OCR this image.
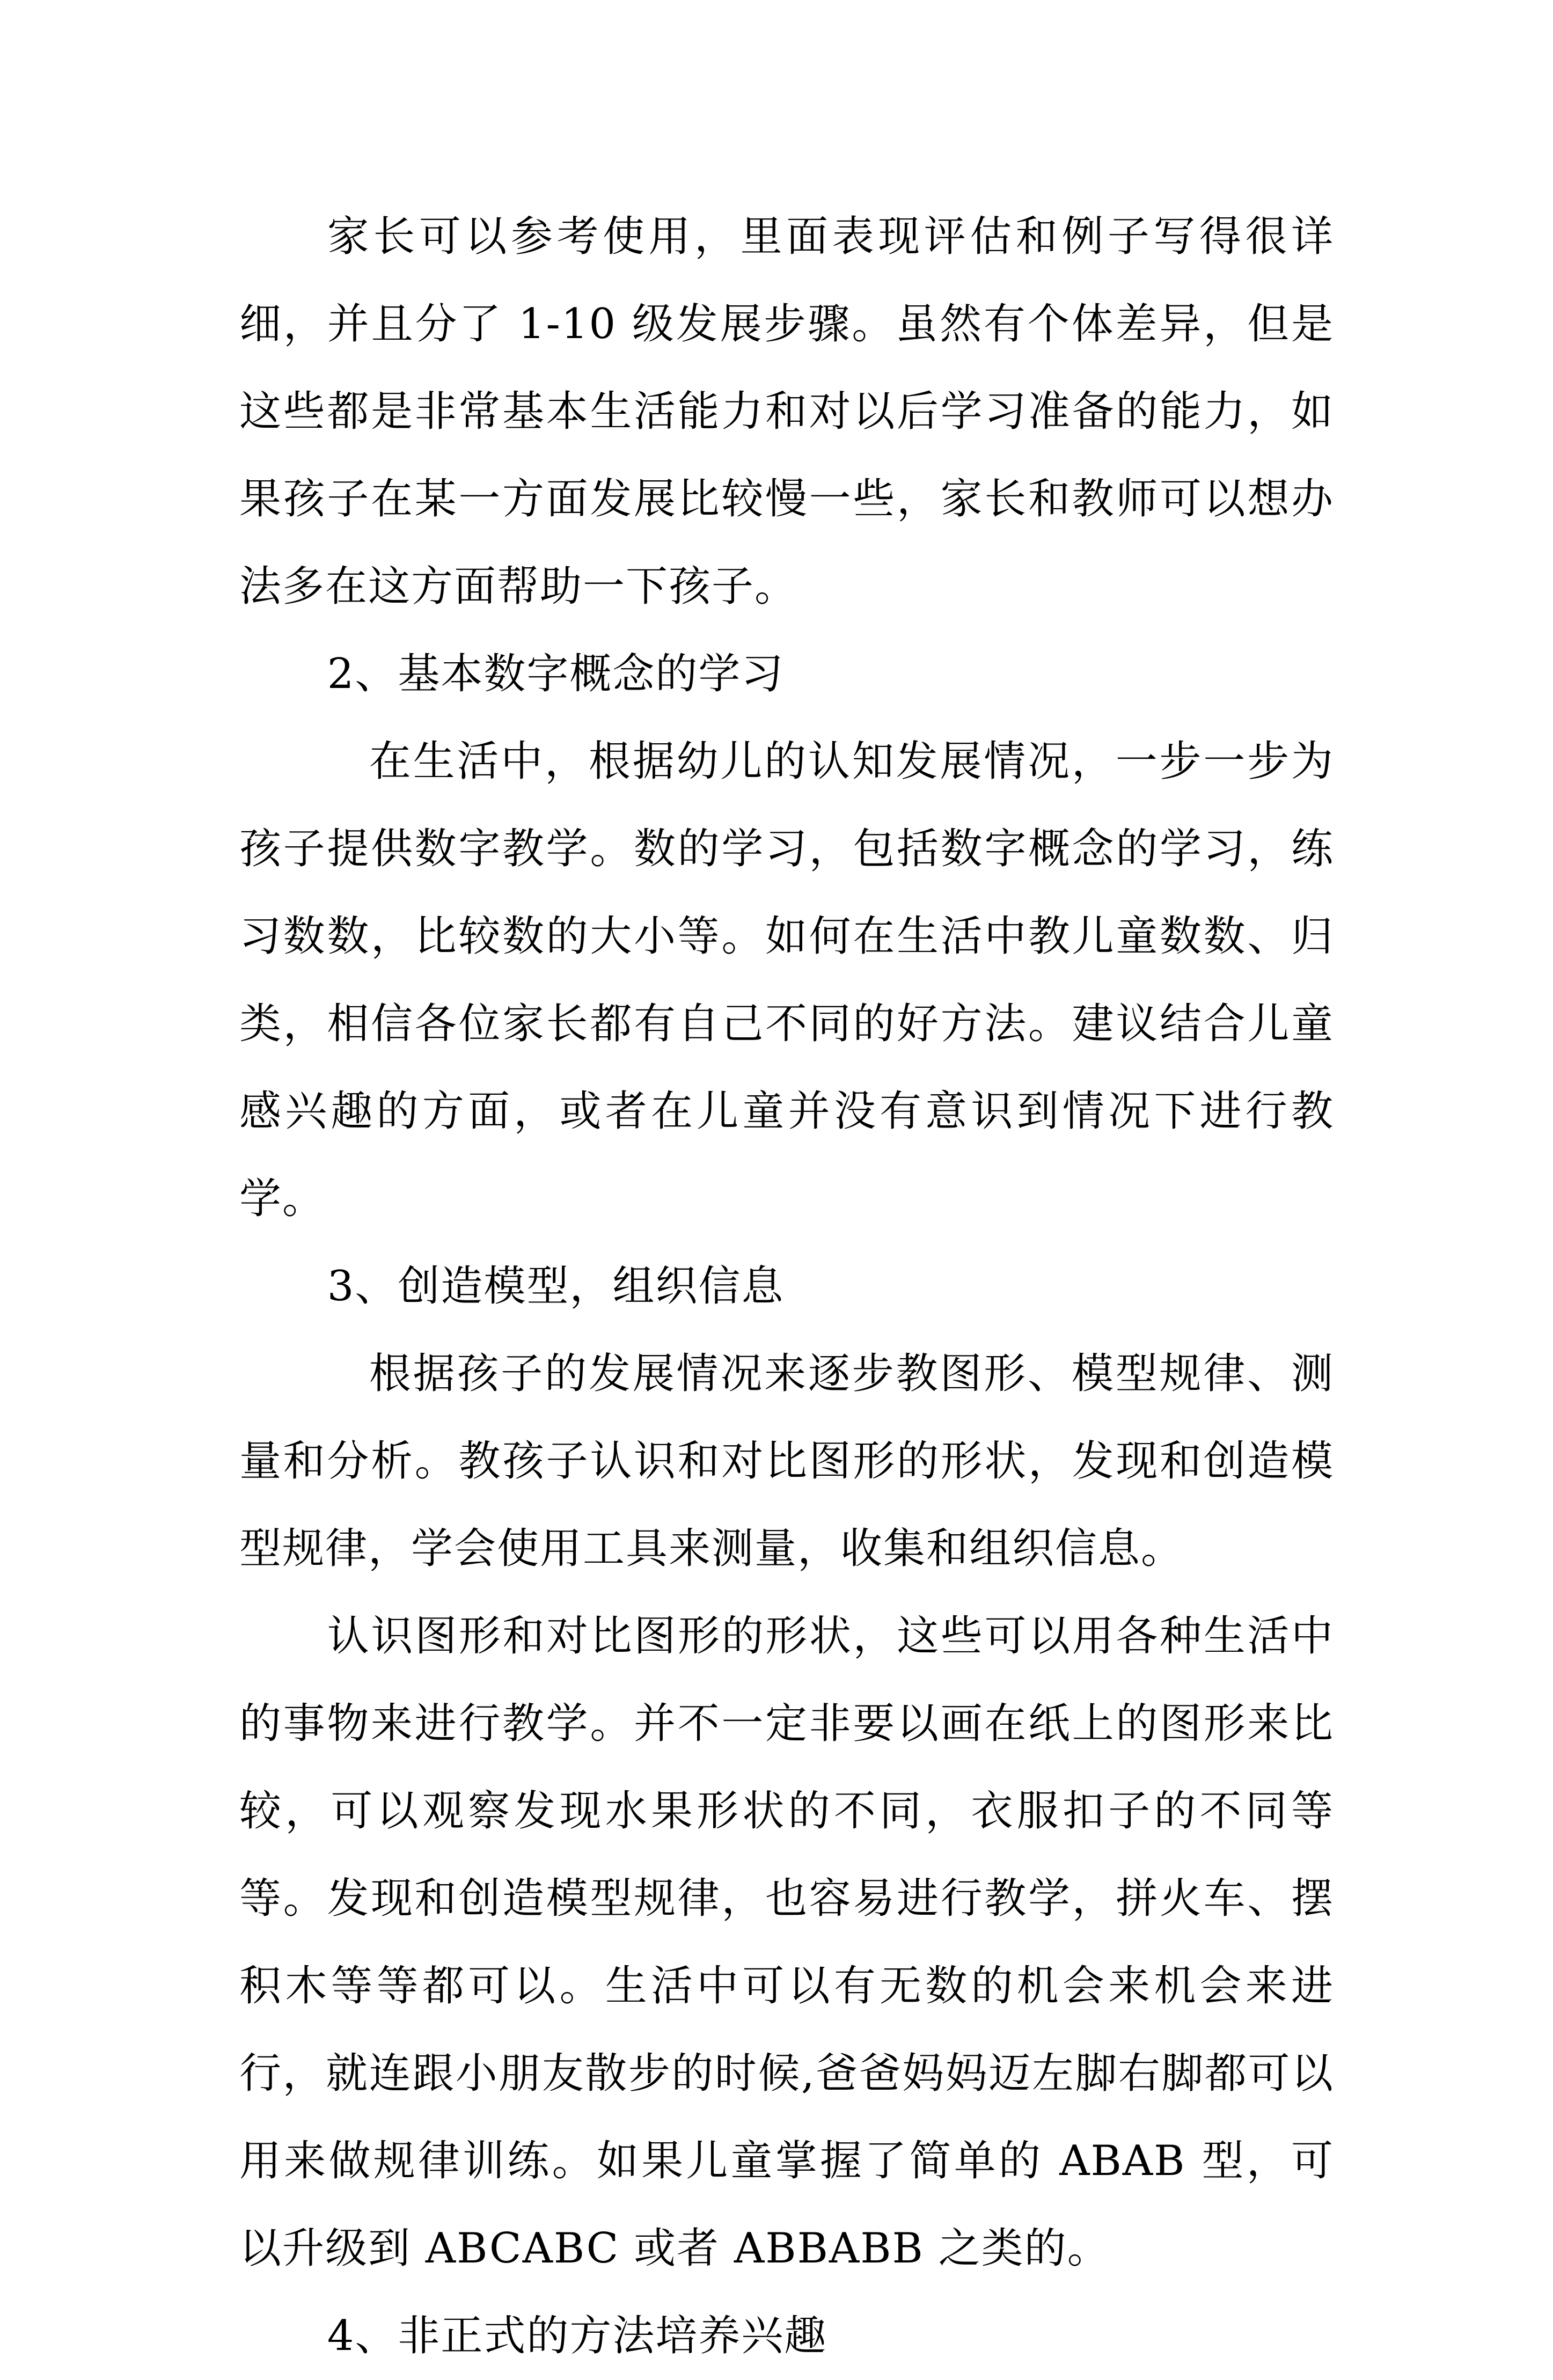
家长可以参考使用，里面表现评估和例子写得很详细，并且分了 1-10 级发展步骤。虽然有个体差异，但是这些都是非常基本生活能力和对以后学习准备的能力，如果孩子在某一方面发展比较慢一些，家长和教师可以想办法多在这方面帮助一下孩子。

2、基本数字概念的学习

在生活中，根据幼儿的认知发展情况，一步一步为孩子提供数字教学。数的学习，包括数字概念的学习，练习数数，比较数的大小等。如何在生活中教儿童数数、归类，相信各位家长都有自己不同的好方法。建议结合儿童感兴趣的方面，或者在儿童并没有意识到情况下进行教学。

3、创造模型，组织信息

根据孩子的发展情况来逐步教图形、模型规律、测量和分析。教孩子认识和对比图形的形状，发现和创造模型规律，学会使用工具来测量，收集和组织信息。

认识图形和对比图形的形状，这些可以用各种生活中的事物来进行教学。并不一定非要以画在纸上的图形来比较，可以观察发现水果形状的不同，衣服扣子的不同等等。发现和创造模型规律，也容易进行教学，拼火车、摆积木等等都可以。生活中可以有无数的机会来机会来进行，就连跟小朋友散步的时候,爸爸妈妈迈左脚右脚都可以用来做规律训练。如果儿童掌握了简单的 ABAB 型，可以升级到 ABCABC 或者 ABBABB 之类的。

4、非正式的方法培养兴趣
